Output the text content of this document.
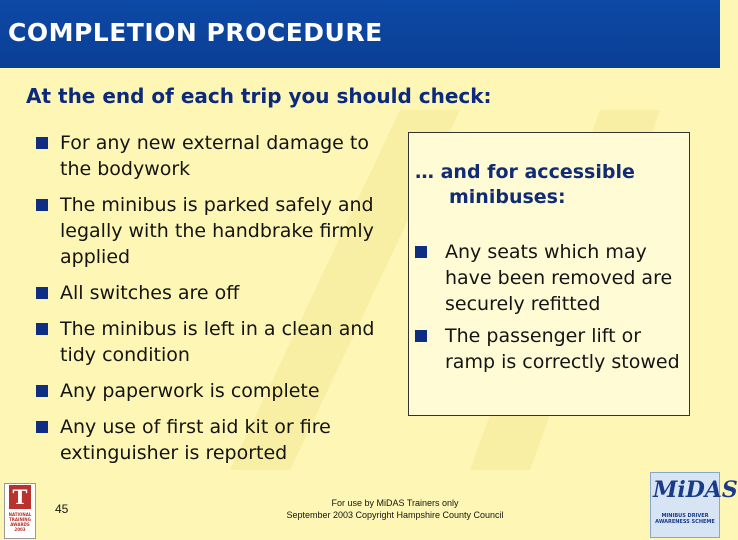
COMPLETION PROCEDURE
At the end of each trip you should check:
For any new external damage to the bodywork
The minibus is parked safely and legally with the handbrake firmly applied
All switches are off
The minibus is left in a clean and tidy condition
Any paperwork is complete
Any use of first aid kit or fire extinguisher is reported
… and for accessible
minibuses:
Any seats which may have been removed are securely refitted
The passenger lift or ramp is correctly stowed
T
NATIONAL
TRAINING
AWARDS
2003
45	For use by MiDAS Trainers only
September 2003 Copyright Hampshire County Council
MiDAS
MINIBUS DRIVER
AWARENESS SCHEME
